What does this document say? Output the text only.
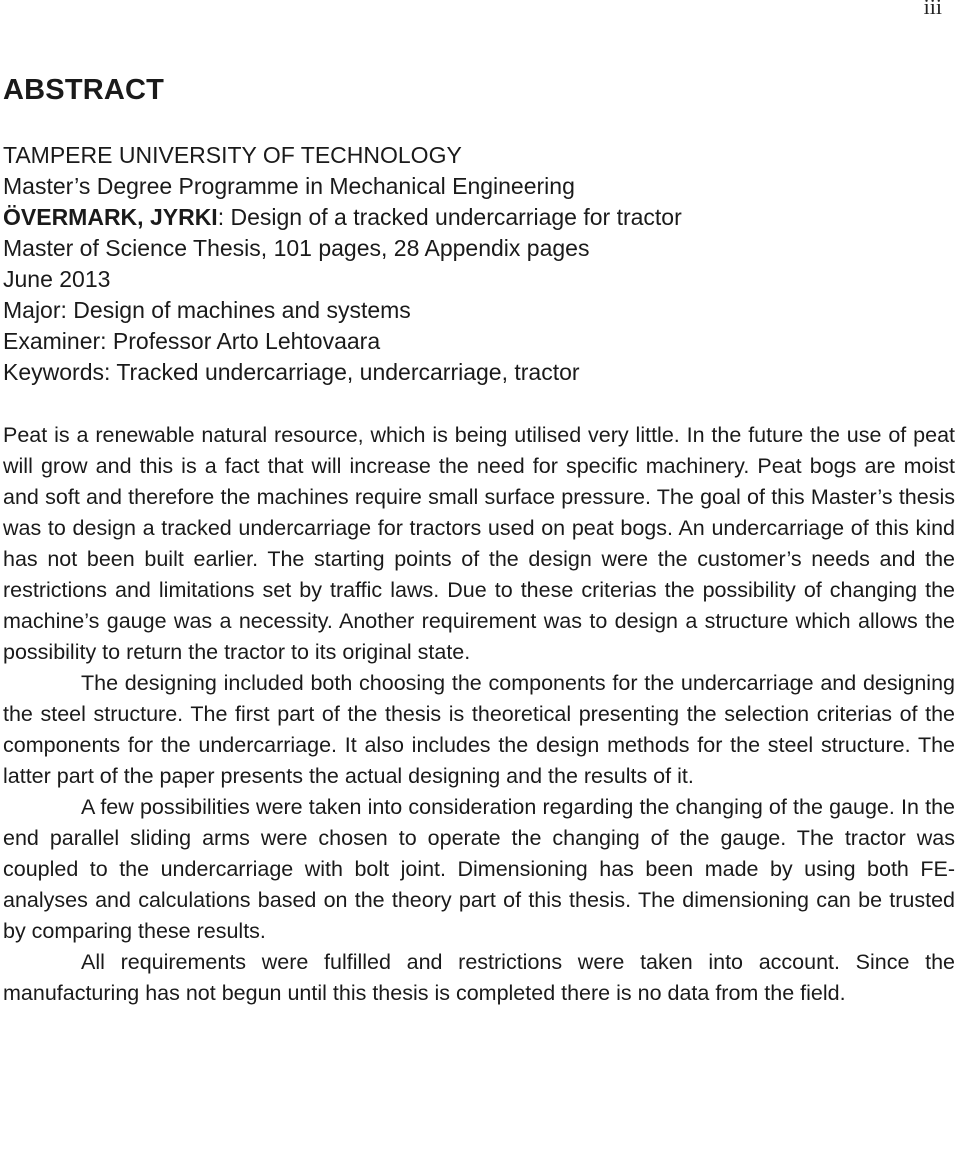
iii
ABSTRACT
TAMPERE UNIVERSITY OF TECHNOLOGY
Master’s Degree Programme in Mechanical Engineering
ÖVERMARK, JYRKI: Design of a tracked undercarriage for tractor
Master of Science Thesis, 101 pages, 28 Appendix pages
June 2013
Major: Design of machines and systems
Examiner: Professor Arto Lehtovaara
Keywords: Tracked undercarriage, undercarriage, tractor

Peat is a renewable natural resource, which is being utilised very little. In the future the use of peat will grow and this is a fact that will increase the need for specific machinery. Peat bogs are moist and soft and therefore the machines require small surface pressure. The goal of this Master’s thesis was to design a tracked undercarriage for tractors used on peat bogs. An undercarriage of this kind has not been built earlier. The starting points of the design were the customer’s needs and the restrictions and limitations set by traffic laws. Due to these criterias the possibility of changing the machine’s gauge was a necessity. Another requirement was to design a structure which allows the possibility to return the tractor to its original state.

The designing included both choosing the components for the undercarriage and designing the steel structure. The first part of the thesis is theoretical presenting the selection criterias of the components for the undercarriage. It also includes the design methods for the steel structure. The latter part of the paper presents the actual designing and the results of it.

A few possibilities were taken into consideration regarding the changing of the gauge. In the end parallel sliding arms were chosen to operate the changing of the gauge. The tractor was coupled to the undercarriage with bolt joint. Dimensioning has been made by using both FE-analyses and calculations based on the theory part of this thesis. The dimensioning can be trusted by comparing these results.

All requirements were fulfilled and restrictions were taken into account. Since the manufacturing has not begun until this thesis is completed there is no data from the field.
